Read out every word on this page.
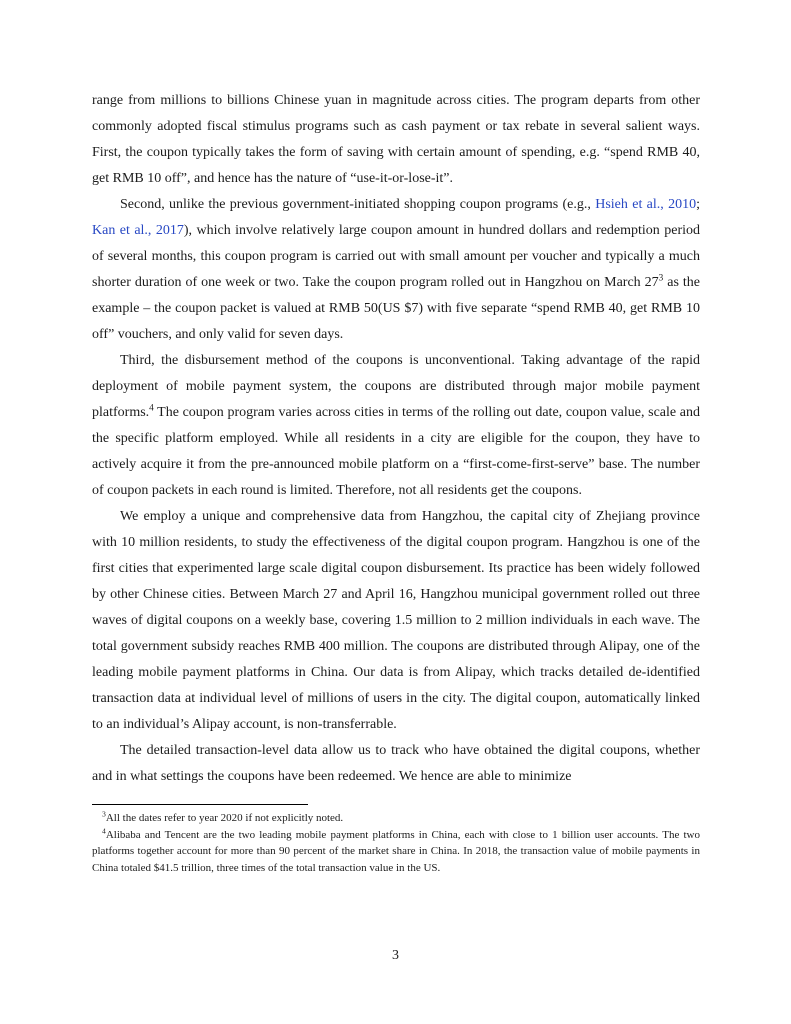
range from millions to billions Chinese yuan in magnitude across cities. The program departs from other commonly adopted fiscal stimulus programs such as cash payment or tax rebate in several salient ways. First, the coupon typically takes the form of saving with certain amount of spending, e.g. “spend RMB 40, get RMB 10 off”, and hence has the nature of “use-it-or-lose-it”.

Second, unlike the previous government-initiated shopping coupon programs (e.g., Hsieh et al., 2010; Kan et al., 2017), which involve relatively large coupon amount in hundred dollars and redemption period of several months, this coupon program is carried out with small amount per voucher and typically a much shorter duration of one week or two. Take the coupon program rolled out in Hangzhou on March 27$^3$ as the example – the coupon packet is valued at RMB 50(US $7) with five separate “spend RMB 40, get RMB 10 off” vouchers, and only valid for seven days.

Third, the disbursement method of the coupons is unconventional. Taking advantage of the rapid deployment of mobile payment system, the coupons are distributed through major mobile payment platforms.$^4$ The coupon program varies across cities in terms of the rolling out date, coupon value, scale and the specific platform employed. While all residents in a city are eligible for the coupon, they have to actively acquire it from the pre-announced mobile platform on a “first-come-first-serve” base. The number of coupon packets in each round is limited. Therefore, not all residents get the coupons.

We employ a unique and comprehensive data from Hangzhou, the capital city of Zhejiang province with 10 million residents, to study the effectiveness of the digital coupon program. Hangzhou is one of the first cities that experimented large scale digital coupon disbursement. Its practice has been widely followed by other Chinese cities. Between March 27 and April 16, Hangzhou municipal government rolled out three waves of digital coupons on a weekly base, covering 1.5 million to 2 million individuals in each wave. The total government subsidy reaches RMB 400 million. The coupons are distributed through Alipay, one of the leading mobile payment platforms in China. Our data is from Alipay, which tracks detailed de-identified transaction data at individual level of millions of users in the city. The digital coupon, automatically linked to an individual’s Alipay account, is non-transferrable.

The detailed transaction-level data allow us to track who have obtained the digital coupons, whether and in what settings the coupons have been redeemed. We hence are able to minimize

$^3$All the dates refer to year 2020 if not explicitly noted.

$^4$Alibaba and Tencent are the two leading mobile payment platforms in China, each with close to 1 billion user accounts. The two platforms together account for more than 90 percent of the market share in China. In 2018, the transaction value of mobile payments in China totaled $41.5 trillion, three times of the total transaction value in the US.

3
